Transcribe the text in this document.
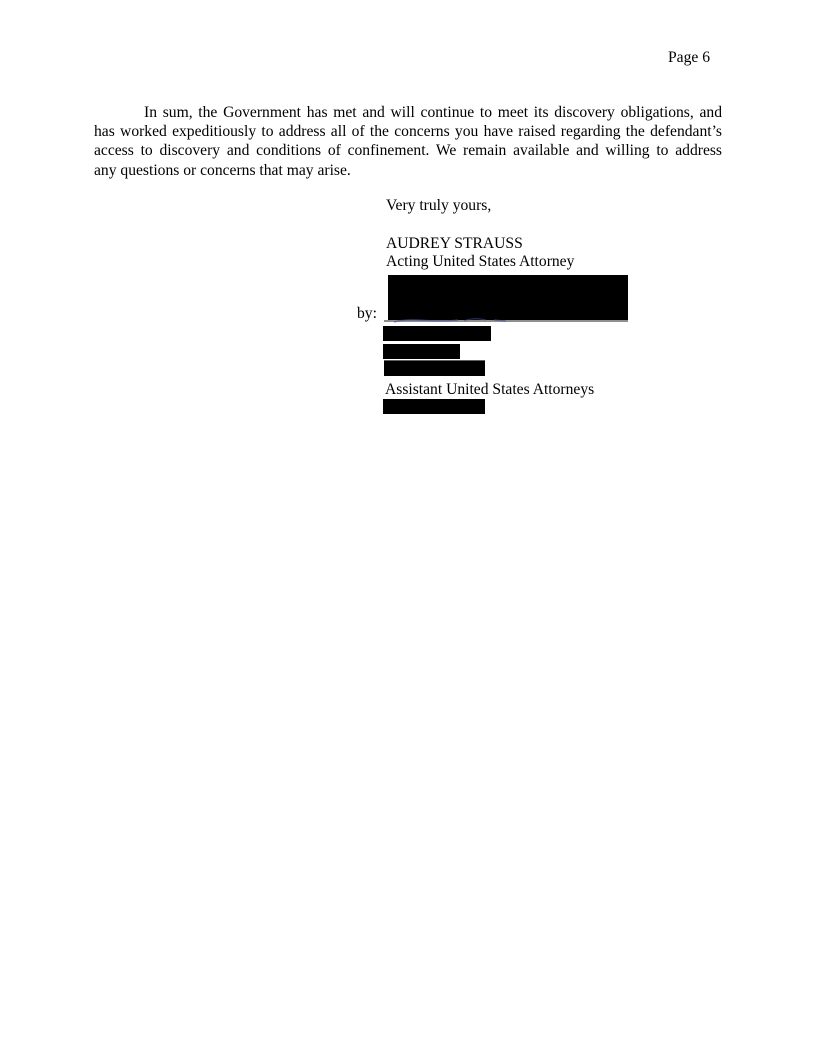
Page 6
In sum, the Government has met and will continue to meet its discovery obligations, and
has worked expeditiously to address all of the concerns you have raised regarding the defendant’s
access to discovery and conditions of confinement. We remain available and willing to address
any questions or concerns that may arise.
Very truly yours,
AUDREY STRAUSS
Acting United States Attorney
by:
Assistant United States Attorneys
